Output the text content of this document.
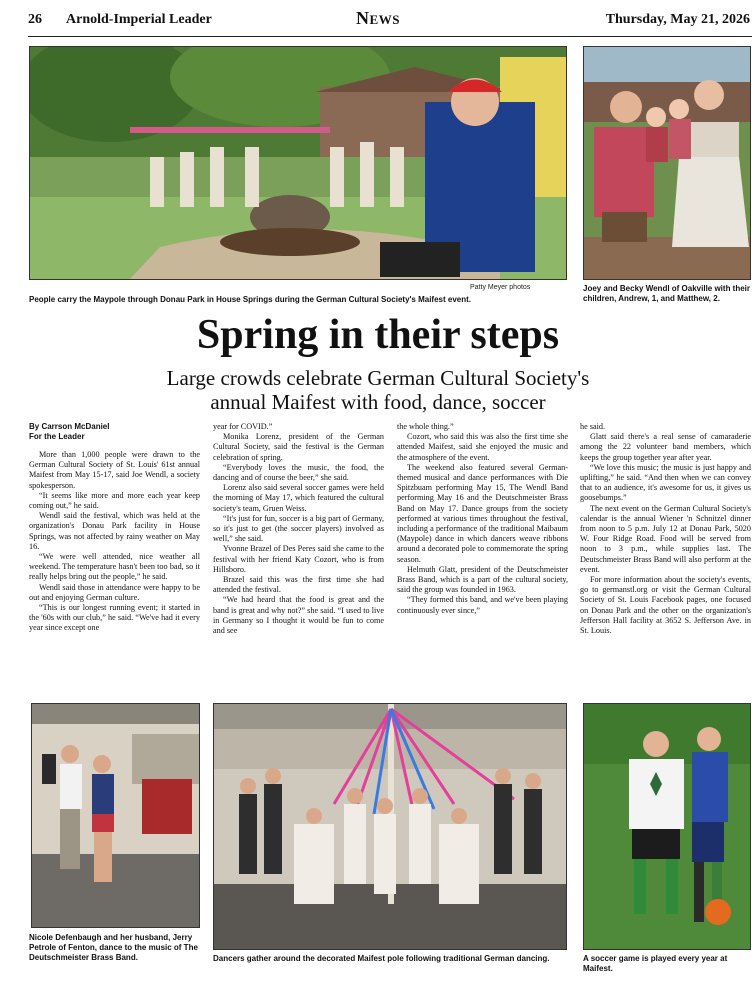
26 Arnold-Imperial Leader	News	Thursday, May 21, 2026
Patty Meyer photos
People carry the Maypole through Donau Park in House Springs during the German Cultural Society's Maifest event.
Joey and Becky Wendl of Oakville with their children, Andrew, 1, and Matthew, 2.
Spring in their steps
Large crowds celebrate German Cultural Society's
annual Maifest with food, dance, soccer
By Carrson McDaniel
For the Leader

More than 1,000 people were drawn to the German Cultural Society of St. Louis' 61st annual Maifest from May 15-17, said Joe Wendl, a society spokesperson.

“It seems like more and more each year keep coming out,” he said.

Wendl said the festival, which was held at the organization's Donau Park facility in House Springs, was not affected by rainy weather on May 16.

“We were well attended, nice weather all weekend. The temperature hasn't been too bad, so it really helps bring out the people,” he said.

Wendl said those in attendance were happy to be out and enjoying German culture.

“This is our longest running event; it started in the '60s with our club,” he said. “We've had it every year since except one

year for COVID.”

Monika Lorenz, president of the German Cultural Society, said the festival is the German celebration of spring.

“Everybody loves the music, the food, the dancing and of course the beer,” she said.

Lorenz also said several soccer games were held the morning of May 17, which featured the cultural society's team, Gruen Weiss.

“It's just for fun, soccer is a big part of Germany, so it's just to get (the soccer players) involved as well,” she said.

Yvonne Brazel of Des Peres said she came to the festival with her friend Katy Cozort, who is from Hillsboro.

Brazel said this was the first time she had attended the festival.

“We had heard that the food is great and the band is great and why not?” she said. “I used to live in Germany so I thought it would be fun to come and see

the whole thing.”

Cozort, who said this was also the first time she attended Maifest, said she enjoyed the music and the atmosphere of the event.

The weekend also featured several German-themed musical and dance performances with Die Spitzbuam performing May 15, The Wendl Band performing May 16 and the Deutschmeister Brass Band on May 17. Dance groups from the society performed at various times throughout the festival, including a performance of the traditional Maibaum (Maypole) dance in which dancers weave ribbons around a decorated pole to commemorate the spring season.

Helmuth Glatt, president of the Deutschmeister Brass Band, which is a part of the cultural society, said the group was founded in 1963.

“They formed this band, and we've been playing continuously ever since,”

he said.

Glatt said there's a real sense of camaraderie among the 22 volunteer band members, which keeps the group together year after year.

“We love this music; the music is just happy and uplifting,” he said. “And then when we can convey that to an audience, it's awesome for us, it gives us goosebumps.”

The next event on the German Cultural Society's calendar is the annual Wiener 'n Schnitzel dinner from noon to 5 p.m. July 12 at Donau Park, 5020 W. Four Ridge Road. Food will be served from noon to 3 p.m., while supplies last. The Deutschmeister Brass Band will also perform at the event.

For more information about the society's events, go to germanstl.org or visit the German Cultural Society of St. Louis Facebook pages, one focused on Donau Park and the other on the organization's Jefferson Hall facility at 3652 S. Jefferson Ave. in St. Louis.

Nicole Defenbaugh and her husband, Jerry Petrole of Fenton, dance to the music of The Deutschmeister Brass Band.	Dancers gather around the decorated Maifest pole following traditional German dancing.	A soccer game is played every year at Maifest.
